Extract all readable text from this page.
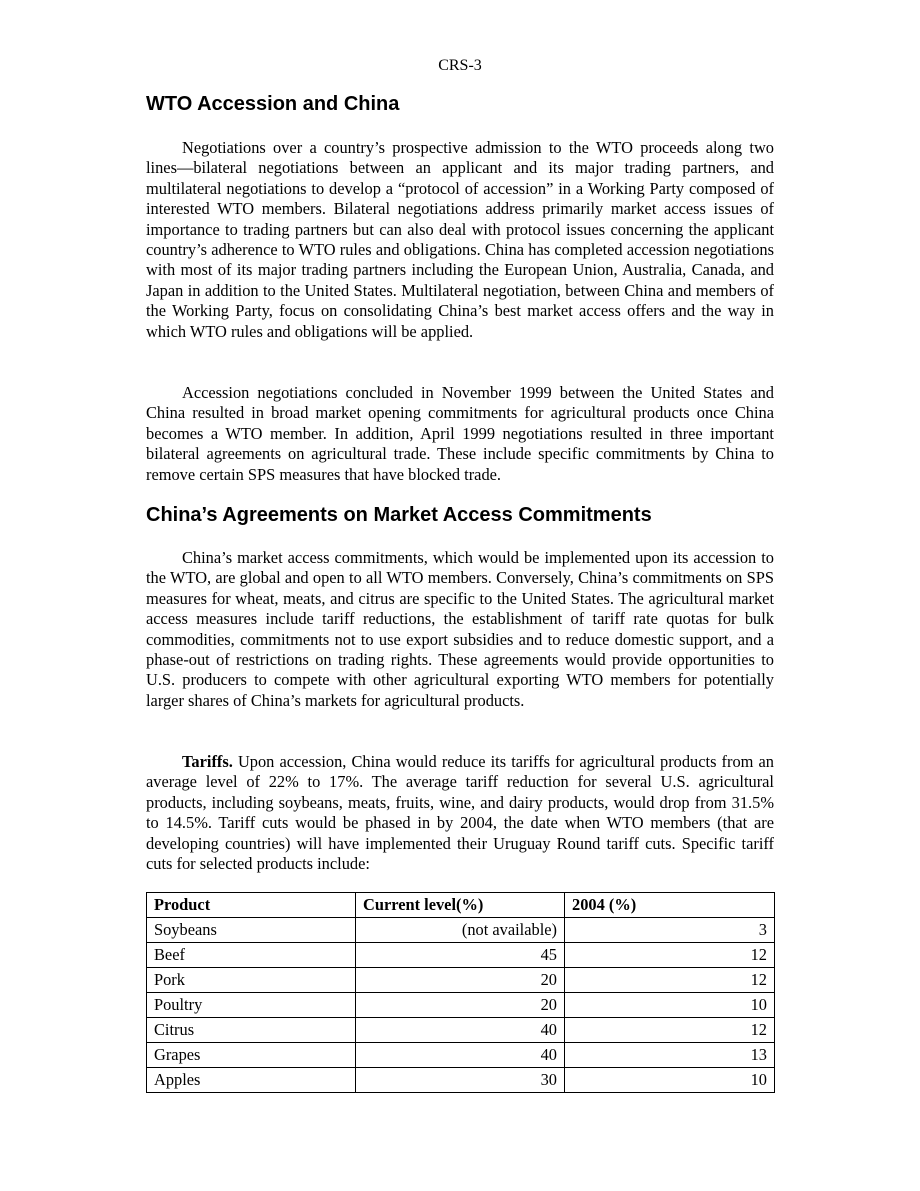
CRS-3
WTO Accession and China

Negotiations over a country’s prospective admission to the WTO proceeds along two lines—bilateral negotiations between an applicant and its major trading partners, and multilateral negotiations to develop a “protocol of accession” in a Working Party composed of interested WTO members. Bilateral negotiations address primarily market access issues of importance to trading partners but can also deal with protocol issues concerning the applicant country’s adherence to WTO rules and obligations. China has completed accession negotiations with most of its major trading partners including the European Union, Australia, Canada, and Japan in addition to the United States. Multilateral negotiation, between China and members of the Working Party, focus on consolidating China’s best market access offers and the way in which WTO rules and obligations will be applied.

Accession negotiations concluded in November 1999 between the United States and China resulted in broad market opening commitments for agricultural products once China becomes a WTO member. In addition, April 1999 negotiations resulted in three important bilateral agreements on agricultural trade. These include specific commitments by China to remove certain SPS measures that have blocked trade.

China’s Agreements on Market Access Commitments

China’s market access commitments, which would be implemented upon its accession to the WTO, are global and open to all WTO members. Conversely, China’s commitments on SPS measures for wheat, meats, and citrus are specific to the United States. The agricultural market access measures include tariff reductions, the establishment of tariff rate quotas for bulk commodities, commitments not to use export subsidies and to reduce domestic support, and a phase-out of restrictions on trading rights. These agreements would provide opportunities to U.S. producers to compete with other agricultural exporting WTO members for potentially larger shares of China’s markets for agricultural products.

Tariffs. Upon accession, China would reduce its tariffs for agricultural products from an average level of 22% to 17%. The average tariff reduction for several U.S. agricultural products, including soybeans, meats, fruits, wine, and dairy products, would drop from 31.5% to 14.5%. Tariff cuts would be phased in by 2004, the date when WTO members (that are developing countries) will have implemented their Uruguay Round tariff cuts. Specific tariff cuts for selected products include:

Product	Current level(%)	2004 (%)
Soybeans	(not available)	3
Beef	45	12
Pork	20	12
Poultry	20	10
Citrus	40	12
Grapes	40	13
Apples	30	10
